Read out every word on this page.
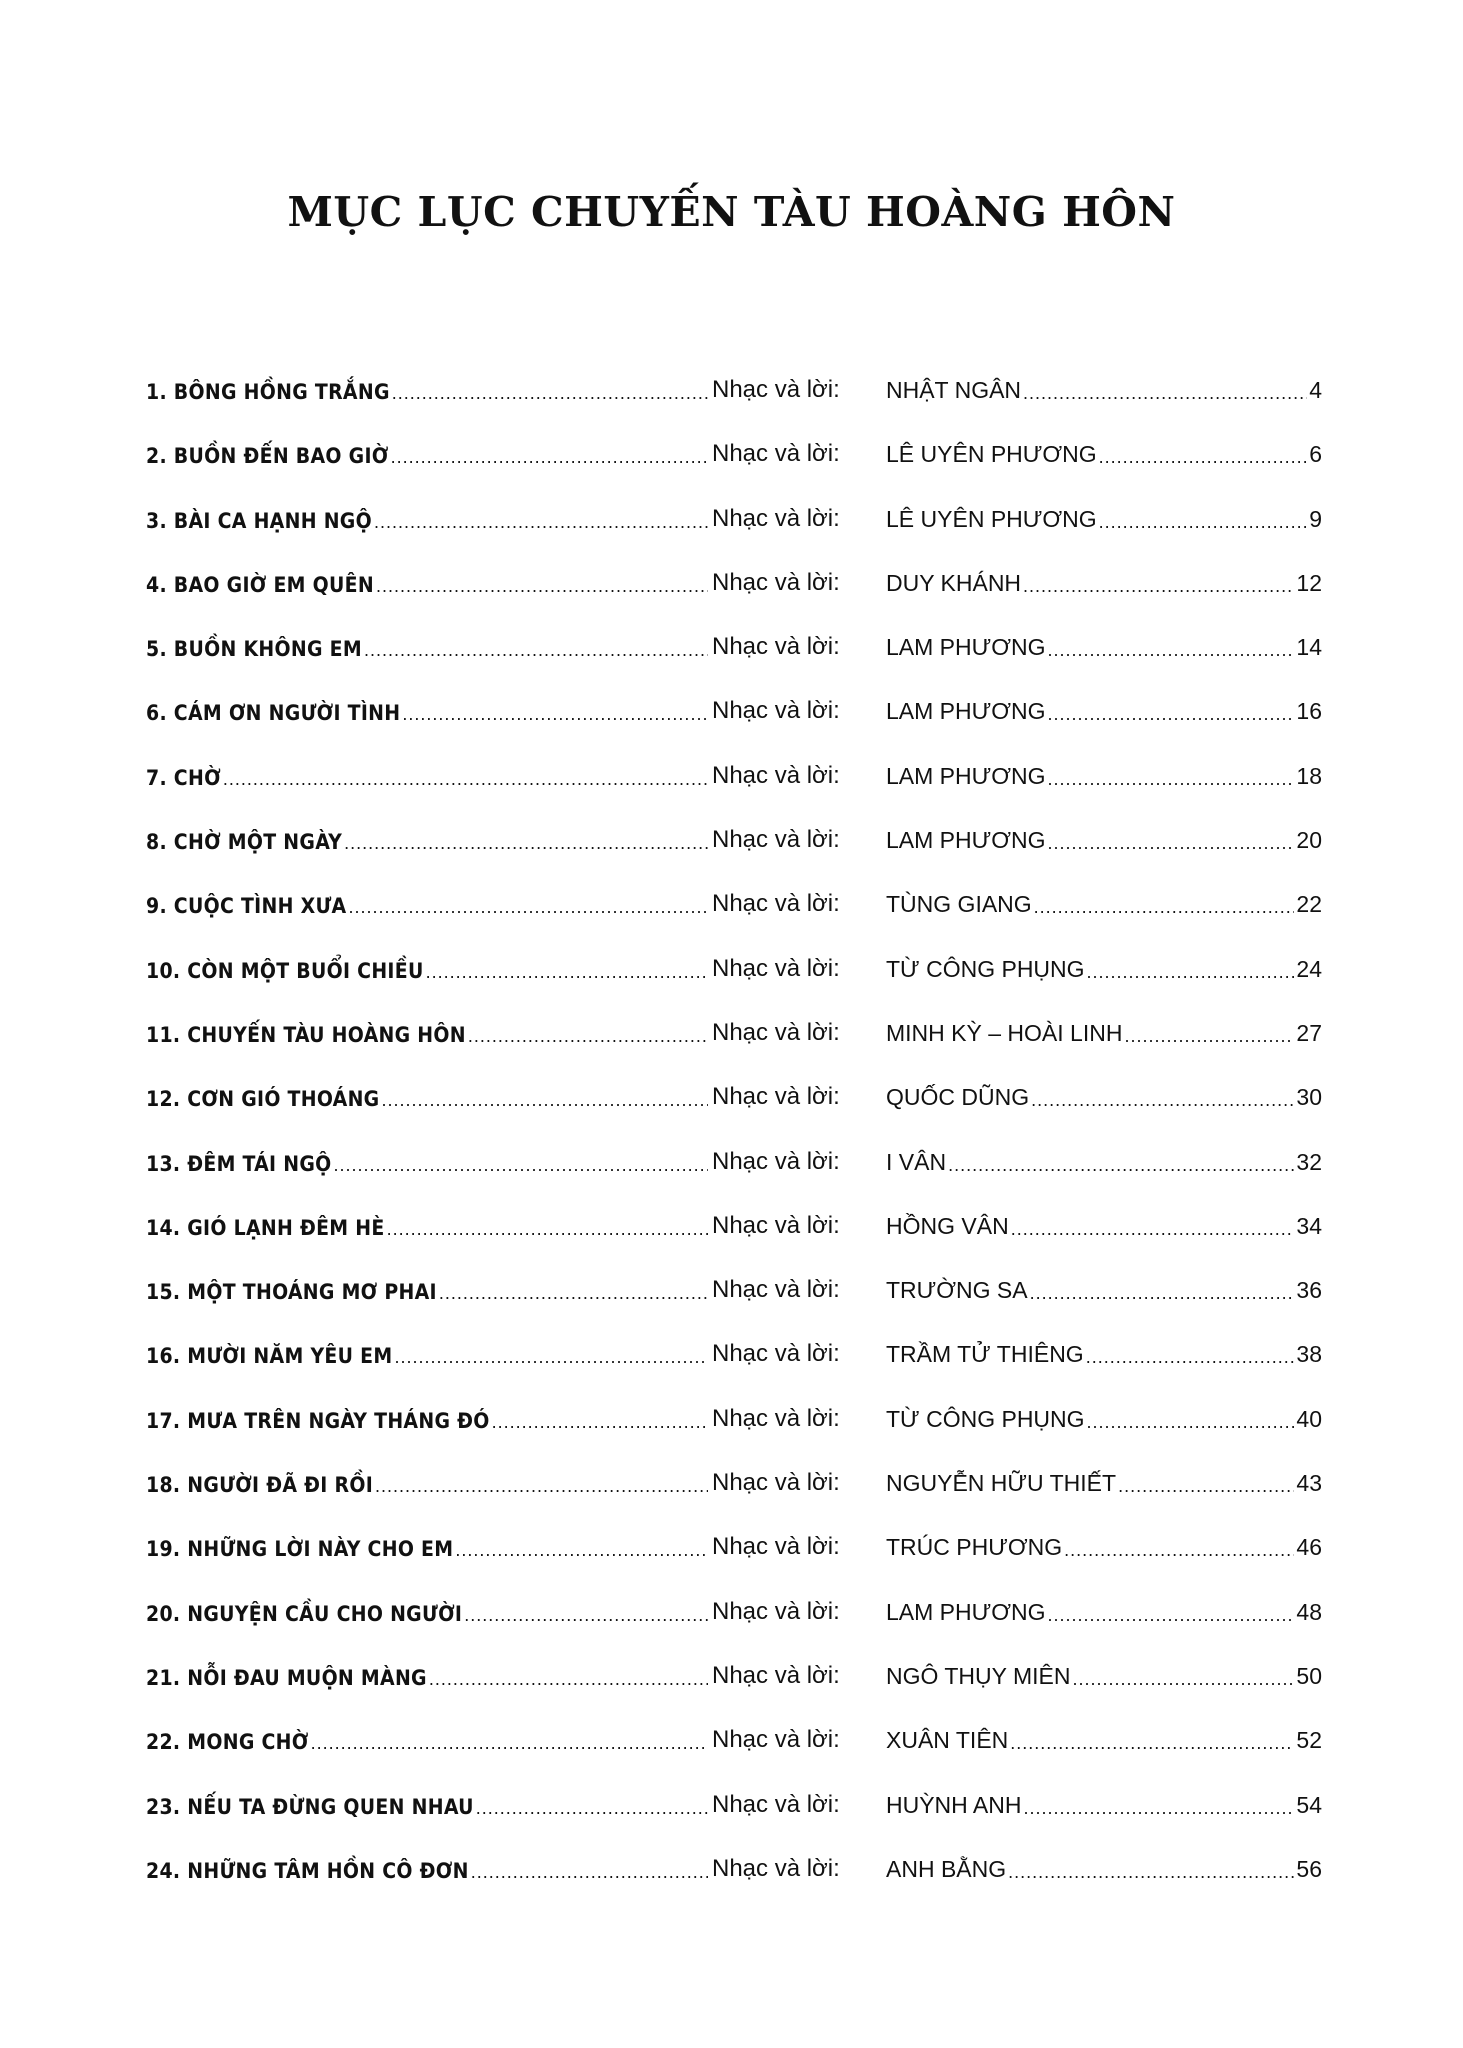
MỤC LỤC CHUYẾN TÀU HOÀNG HÔN
1. BÔNG HỒNG TRẮNG .....	Nhạc và lời: NHẬT NGÂN .....	4
2. BUỒN ĐẾN BAO GIỜ .....	Nhạc và lời: LÊ UYÊN PHƯƠNG .....	6
3. BÀI CA HẠNH NGỘ .....	Nhạc và lời: LÊ UYÊN PHƯƠNG .....	9
4. BAO GIỜ EM QUÊN .....	Nhạc và lời: DUY KHÁNH .....	12
5. BUỒN KHÔNG EM .....	Nhạc và lời: LAM PHƯƠNG .....	14
6. CÁM ƠN NGƯỜI TÌNH .....	Nhạc và lời: LAM PHƯƠNG .....	16
7. CHỜ .....	Nhạc và lời: LAM PHƯƠNG .....	18
8. CHỜ MỘT NGÀY .....	Nhạc và lời: LAM PHƯƠNG .....	20
9. CUỘC TÌNH XƯA .....	Nhạc và lời: TÙNG GIANG .....	22
10. CÒN MỘT BUỔI CHIỀU .....	Nhạc và lời: TỪ CÔNG PHỤNG .....	24
11. CHUYẾN TÀU HOÀNG HÔN .....	Nhạc và lời: MINH KỲ – HOÀI LINH .....	27
12. CƠN GIÓ THOÁNG .....	Nhạc và lời: QUỐC DŨNG .....	30
13. ĐÊM TÁI NGỘ .....	Nhạc và lời: I VÂN .....	32
14. GIÓ LẠNH ĐÊM HÈ .....	Nhạc và lời: HỒNG VÂN .....	34
15. MỘT THOÁNG MƠ PHAI .....	Nhạc và lời: TRƯỜNG SA .....	36
16. MƯỜI NĂM YÊU EM .....	Nhạc và lời: TRẦM TỬ THIÊNG .....	38
17. MƯA TRÊN NGÀY THÁNG ĐÓ .....	Nhạc và lời: TỪ CÔNG PHỤNG .....	40
18. NGƯỜI ĐÃ ĐI RỒI .....	Nhạc và lời: NGUYỄN HỮU THIẾT .....	43
19. NHỮNG LỜI NÀY CHO EM .....	Nhạc và lời: TRÚC PHƯƠNG .....	46
20. NGUYỆN CẦU CHO NGƯỜI .....	Nhạc và lời: LAM PHƯƠNG .....	48
21. NỖI ĐAU MUỘN MÀNG .....	Nhạc và lời: NGÔ THỤY MIÊN .....	50
22. MONG CHỜ .....	Nhạc và lời: XUÂN TIÊN .....	52
23. NẾU TA ĐỪNG QUEN NHAU .....	Nhạc và lời: HUỲNH ANH .....	54
24. NHỮNG TÂM HỒN CÔ ĐƠN .....	Nhạc và lời: ANH BẰNG .....	56
